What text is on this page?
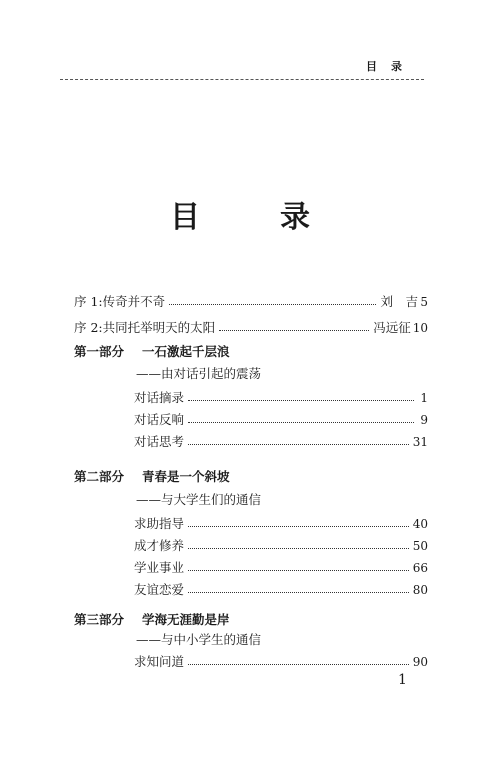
目录
目	录
序 1:传奇并不奇	刘　吉 5
序 2:共同托举明天的太阳	冯远征 10
第一部分 一石激起千层浪
——由对话引起的震荡
对话摘录	1
对话反响	9
对话思考	31
第二部分 青春是一个斜坡
——与大学生们的通信
求助指导	40
成才修养	50
学业事业	66
友谊恋爱	80
第三部分 学海无涯勤是岸
——与中小学生的通信
求知问道	90
1
